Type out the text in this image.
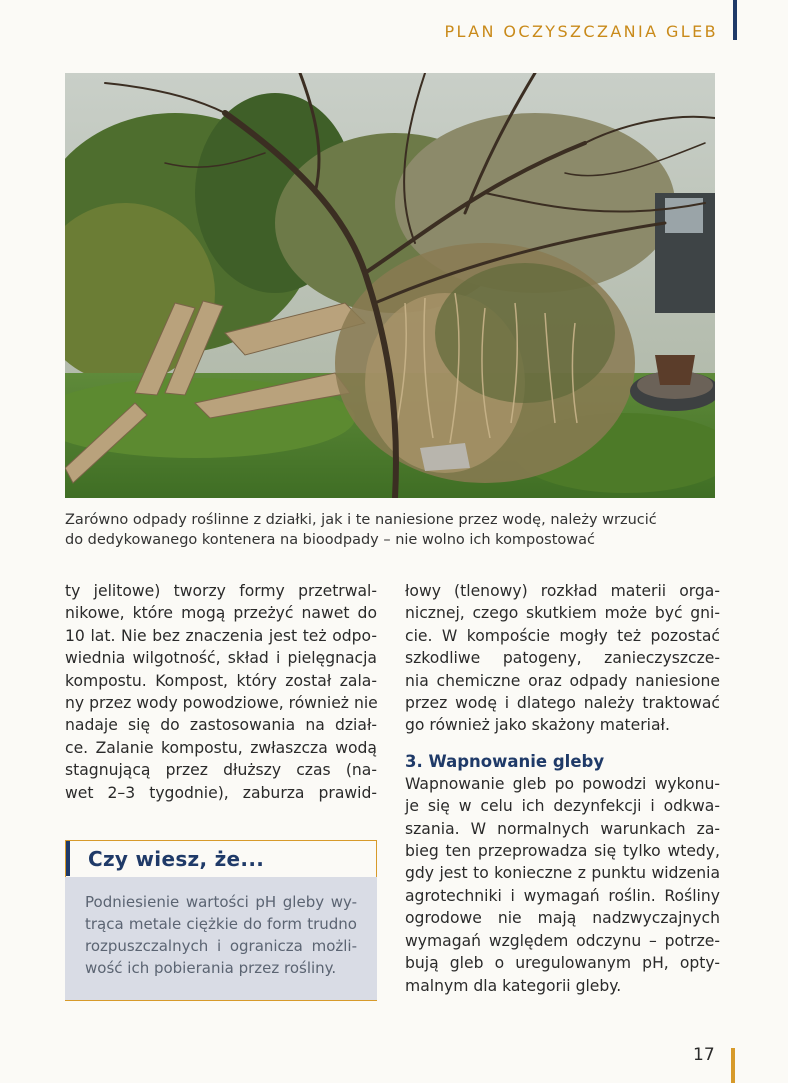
PLAN OCZYSZCZANIA GLEB
Zarówno odpady roślinne z działki, jak i te naniesione przez wodę, należy wrzucić
do dedykowanego kontenera na bioodpady – nie wolno ich kompostować
ty jelitowe) tworzy formy przetrwal-
nikowe, które mogą przeżyć nawet do
10 lat. Nie bez znaczenia jest też odpo-
wiednia wilgotność, skład i pielęgnacja
kompostu. Kompost, który został zala-
ny przez wody powodziowe, również nie
nadaje się do zastosowania na dział-
ce. Zalanie kompostu, zwłaszcza wodą
stagnującą przez dłuższy czas (na-
wet 2–3 tygodnie), zaburza prawid-
Czy wiesz, że...
Podniesienie wartości pH gleby wy-
trąca metale ciężkie do form trudno
rozpuszczalnych i ogranicza możli-
wość ich pobierania przez rośliny.
łowy (tlenowy) rozkład materii orga-
nicznej, czego skutkiem może być gni-
cie. W kompoście mogły też pozostać
szkodliwe patogeny, zanieczyszcze-
nia chemiczne oraz odpady naniesione
przez wodę i dlatego należy traktować
go również jako skażony materiał.
3. Wapnowanie gleby
Wapnowanie gleb po powodzi wykonu-
je się w celu ich dezynfekcji i odkwa-
szania. W normalnych warunkach za-
bieg ten przeprowadza się tylko wtedy,
gdy jest to konieczne z punktu widzenia
agrotechniki i wymagań roślin. Rośliny
ogrodowe nie mają nadzwyczajnych
wymagań względem odczynu – potrze-
bują gleb o uregulowanym pH, opty-
malnym dla kategorii gleby.
17
